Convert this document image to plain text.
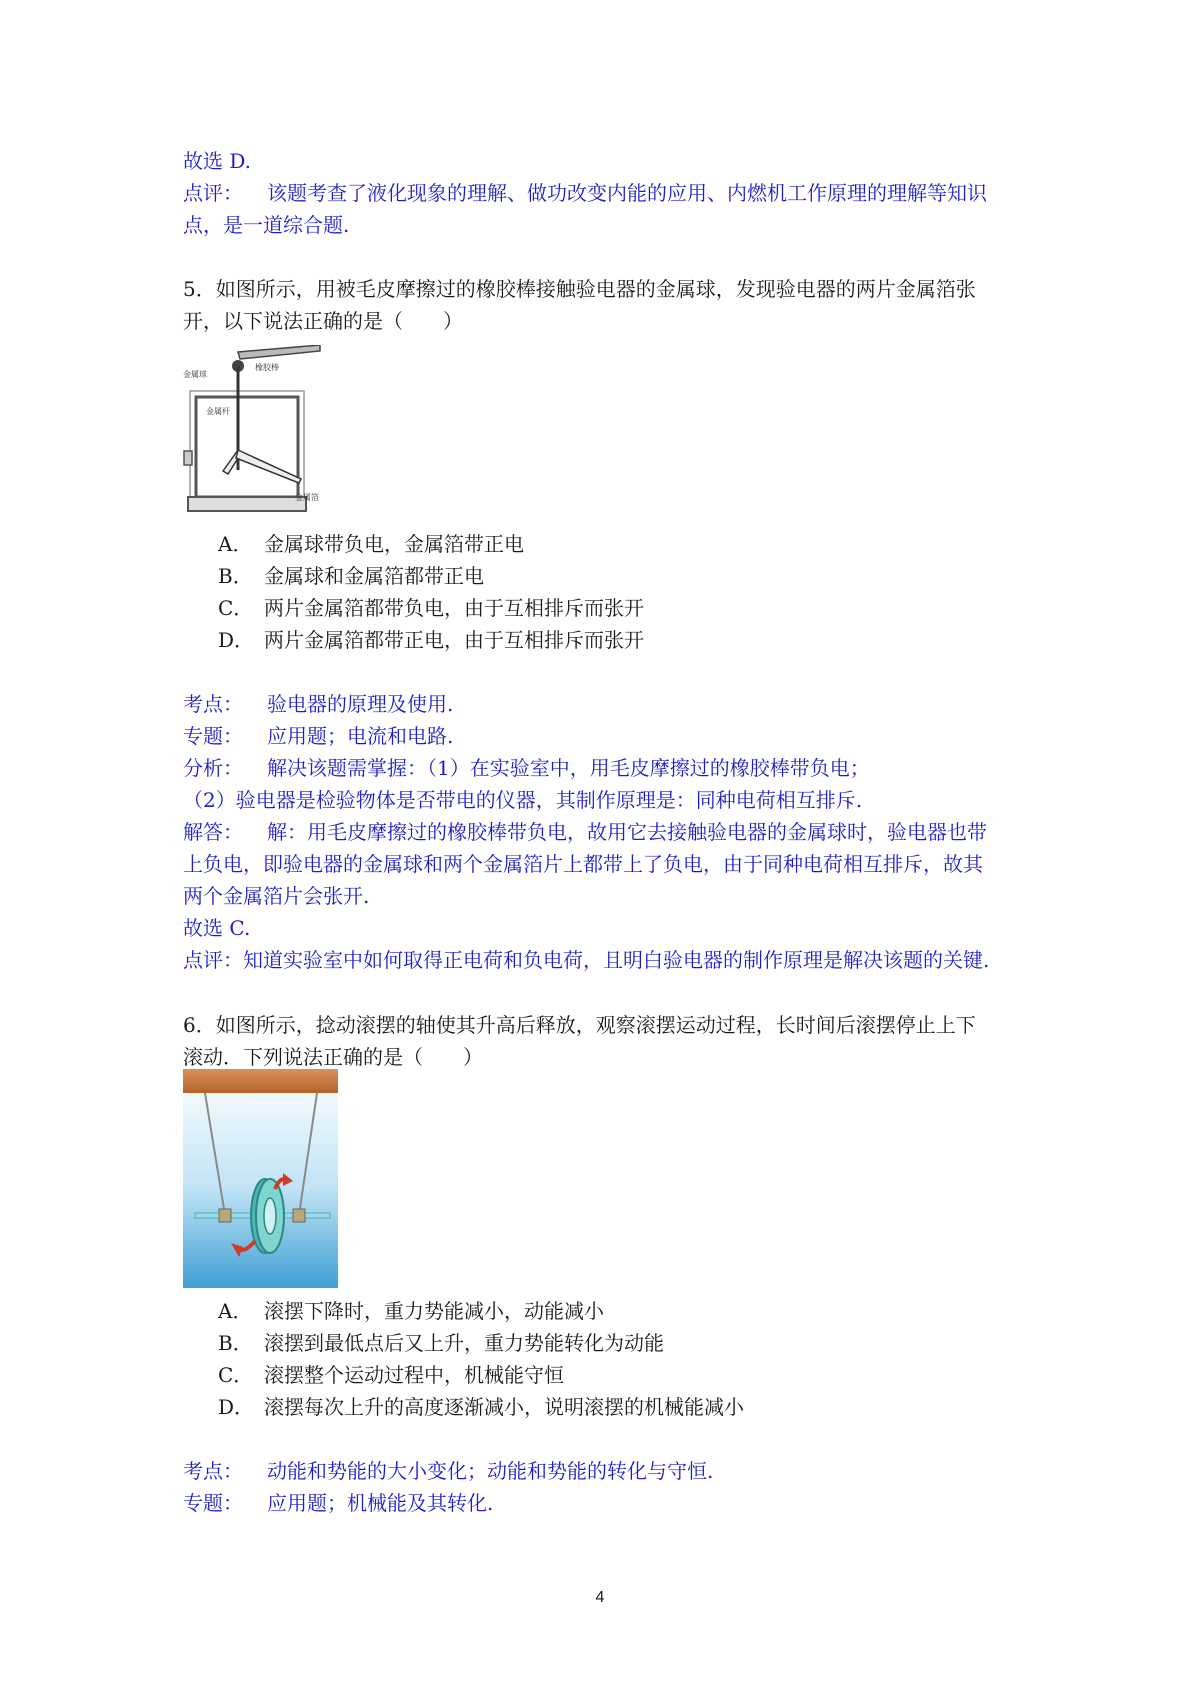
故选 D.
点评： 该题考查了液化现象的理解、做功改变内能的应用、内燃机工作原理的理解等知识
点，是一道综合题.
5．如图所示，用被毛皮摩擦过的橡胶棒接触验电器的金属球，发现验电器的两片金属箔张
开，以下说法正确的是（　　）
金属球
橡胶棒
金属杆
金属箔
A． 金属球带负电，金属箔带正电
B． 金属球和金属箔都带正电
C． 两片金属箔都带负电，由于互相排斥而张开
D． 两片金属箔都带正电，由于互相排斥而张开
考点： 验电器的原理及使用.
专题： 应用题；电流和电路.
分析： 解决该题需掌握：（1）在实验室中，用毛皮摩擦过的橡胶棒带负电；
（2）验电器是检验物体是否带电的仪器，其制作原理是：同种电荷相互排斥.
解答： 解：用毛皮摩擦过的橡胶棒带负电，故用它去接触验电器的金属球时，验电器也带
上负电，即验电器的金属球和两个金属箔片上都带上了负电，由于同种电荷相互排斥，故其
两个金属箔片会张开.
故选 C.
点评：知道实验室中如何取得正电荷和负电荷，且明白验电器的制作原理是解决该题的关键.
6．如图所示，捻动滚摆的轴使其升高后释放，观察滚摆运动过程，长时间后滚摆停止上下
滚动．下列说法正确的是（　　）
A． 滚摆下降时，重力势能减小，动能减小
B． 滚摆到最低点后又上升，重力势能转化为动能
C． 滚摆整个运动过程中，机械能守恒
D． 滚摆每次上升的高度逐渐减小，说明滚摆的机械能减小
考点： 动能和势能的大小变化；动能和势能的转化与守恒.
专题： 应用题；机械能及其转化.
4
